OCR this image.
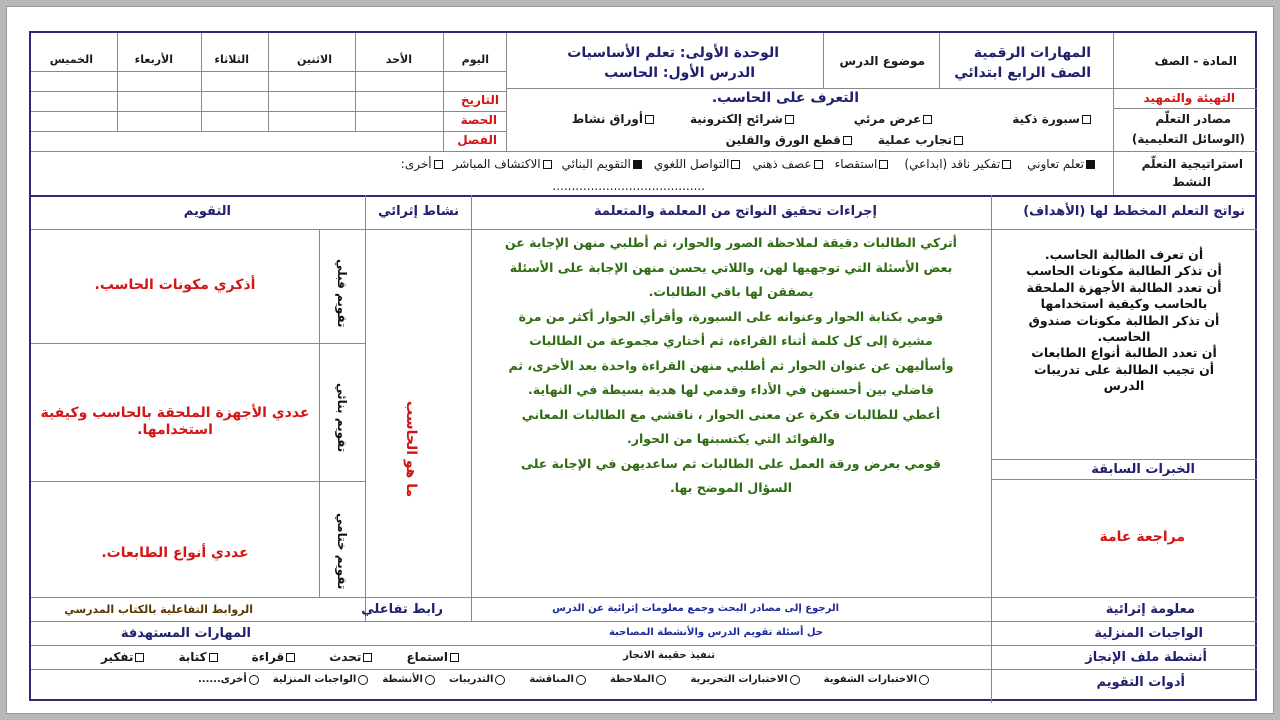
المادة - الصف
المهارات الرقمية
الصف الرابع ابتدائي
موضوع الدرس
الوحدة الأولى: تعلم الأساسيات
الدرس الأول: الحاسب
اليوم
الأحد
الاثنين
الثلاثاء
الأربعاء
الخميس
التاريخ
الحصة
الفصل
التهيئة والتمهيد
التعرف على الحاسب.
مصادر التعلّم
(الوسائل التعليمية)
سبورة ذكية
عرض مرئي
شرائح إلكترونية
أوراق نشاط
تجارب عملية
قطع الورق والقلين
استراتيجية التعلّم
النشط
تعلم تعاوني
تفكير ناقد (ابداعي)
استقصاء
عصف ذهني
التواصل اللغوي
التقويم البنائي
الاكتشاف المباشر
أخرى:
........................................
نواتج التعلم المخطط لها (الأهداف)
إجراءات تحقيق النواتج من المعلمة والمتعلمة
نشاط إثرائي
التقويم
أن تعرف الطالبة الحاسب.
أن تذكر الطالبة مكونات الحاسب
أن تعدد الطالبة الأجهزة الملحقة
بالحاسب وكيفية استخدامها
أن تذكر الطالبة مكونات صندوق
الحاسب.
أن تعدد الطالبة أنواع الطابعات
أن تجيب الطالبة على تدريبات
الدرس
الخبرات السابقة
مراجعة عامة
أتركي الطالبات دقيقة لملاحظة الصور والحوار، ثم أطلبي منهن الإجابة عن
بعض الأسئلة التي توجهيها لهن، واللاتي يحسن منهن الإجابة على الأسئلة
يصفقن لها باقي الطالبات.
قومي بكتابة الحوار وعنوانه على السبورة، وأقرأي الحوار أكثر من مرة
مشيرة إلى كل كلمة أثناء القراءة، ثم أختاري مجموعة من الطالبات
وأسأليهن عن عنوان الحوار ثم أطلبي منهن القراءة واحدة بعد الأخرى، ثم
فاضلي بين أحسنهن في الأداء وقدمي لها هدية بسيطة في النهاية.
أعطي للطالبات فكرة عن معنى الحوار ، ناقشي مع الطالبات المعاني
والفوائد التي يكتسبنها من الحوار.
قومي بعرض ورقة العمل على الطالبات ثم ساعديهن في الإجابة على
السؤال الموضح بها.
ما هو الحاسب
تقويم قبلي
تقويم بنائي
تقويم ختامي
أذكري مكونات الحاسب.
عددي الأجهزة الملحقة بالحاسب وكيفية استخدامها.
عددي أنواع الطابعات.
معلومة إثرائية
الرجوع إلى مصادر البحث وجمع معلومات إثرائية عن الدرس
رابط تفاعلي
الروابط التفاعلية بالكتاب المدرسي
الواجبات المنزلية
حل أسئلة تقويم الدرس والأنشطة المصاحبة
المهارات المستهدفة
أنشطة ملف الإنجاز
تنفيذ حقيبة الانجاز
استماع
تحدث
قراءة
كتابة
تفكير
أدوات التقويم
الاختبارات الشفوية
الاختبارات التحريرية
الملاحظة
المناقشة
التدريبات
الأنشطة
الواجبات المنزلية
أخرى......
